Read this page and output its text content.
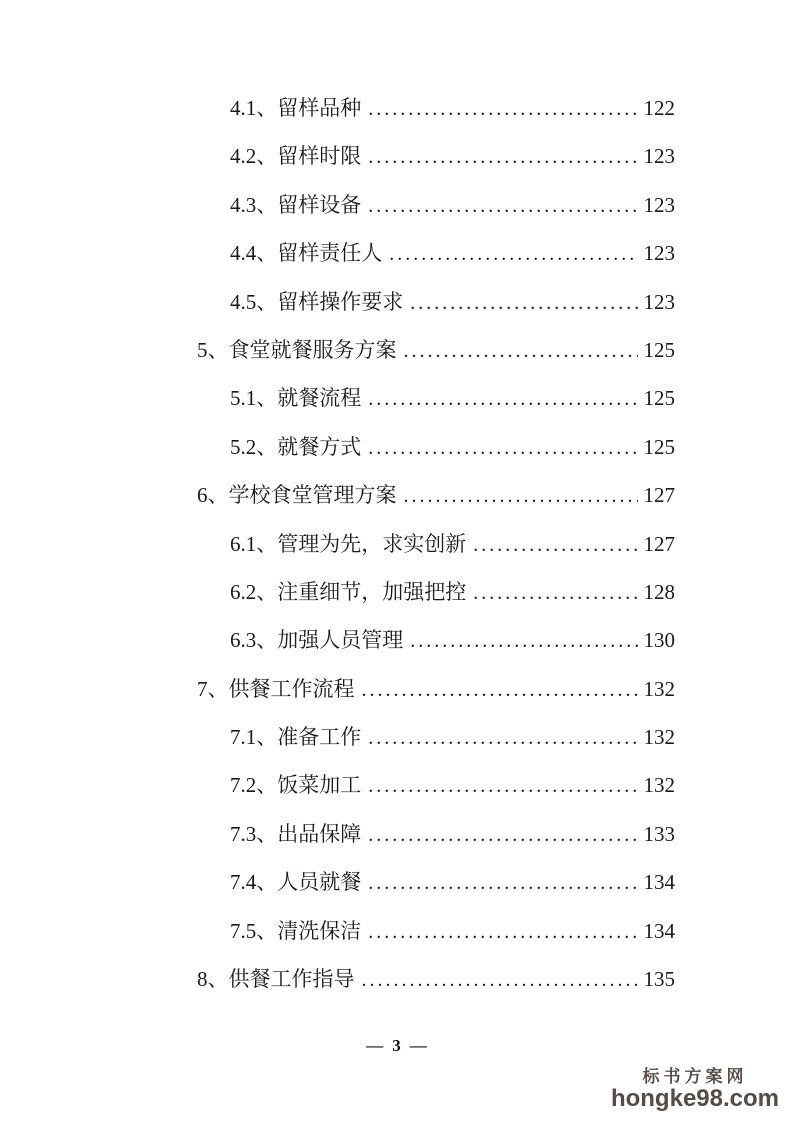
4.1、留样品种 .....	122
4.2、留样时限 .....	123
4.3、留样设备 .....	123
4.4、留样责任人 .....	123
4.5、留样操作要求 .....	123
5、食堂就餐服务方案 .....	125
5.1、就餐流程 .....	125
5.2、就餐方式 .....	125
6、学校食堂管理方案 .....	127
6.1、管理为先，求实创新 .....	127
6.2、注重细节，加强把控 .....	128
6.3、加强人员管理 .....	130
7、供餐工作流程 .....	132
7.1、准备工作 .....	132
7.2、饭菜加工 .....	132
7.3、出品保障 .....	133
7.4、人员就餐 .....	134
7.5、清洗保洁 .....	134
8、供餐工作指导 .....	135
— 3 —
标书方案网
hongke98.com
